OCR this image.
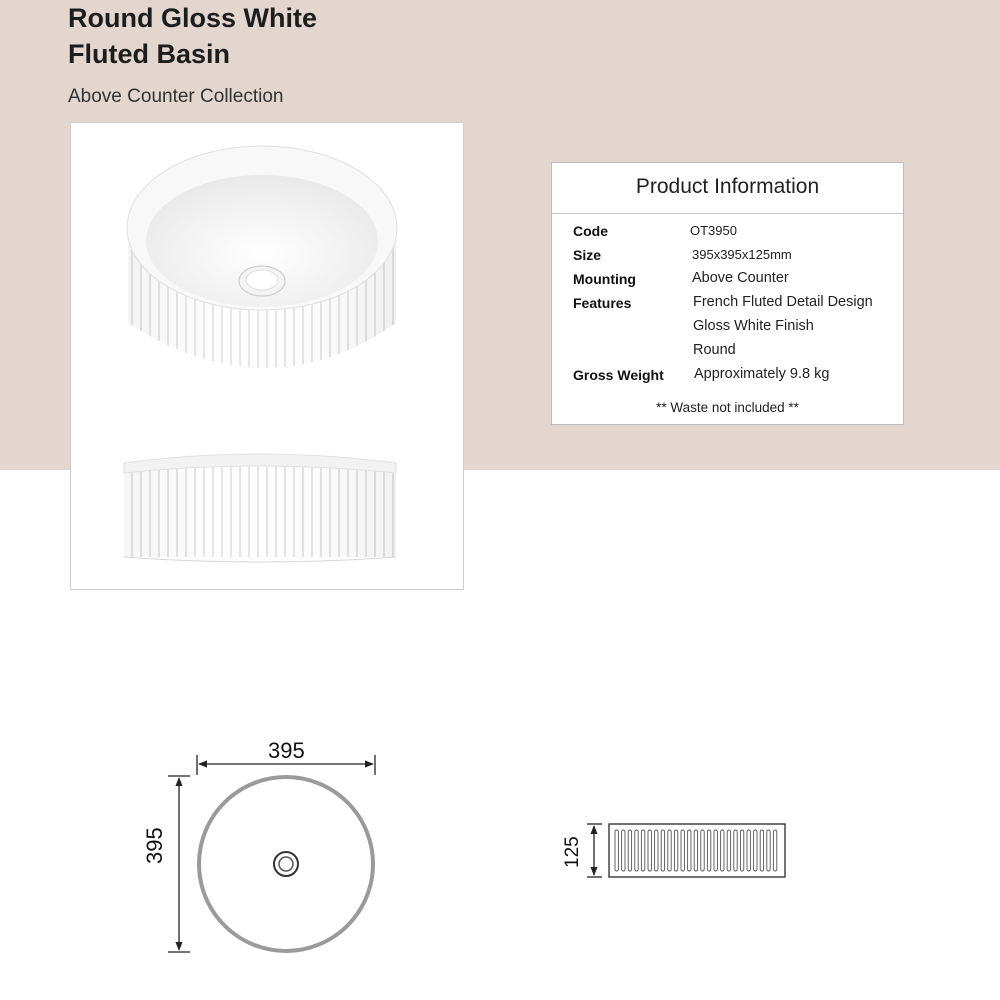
Round Gloss White
Fluted Basin

Above Counter Collection

Product Information
Code	OT3950
Size	395x395x125mm
Mounting	Above Counter
Features	French Fluted Detail Design
Gloss White Finish
Round
Gross Weight Approximately 9.8 kg
** Waste not included **
395
395	125
